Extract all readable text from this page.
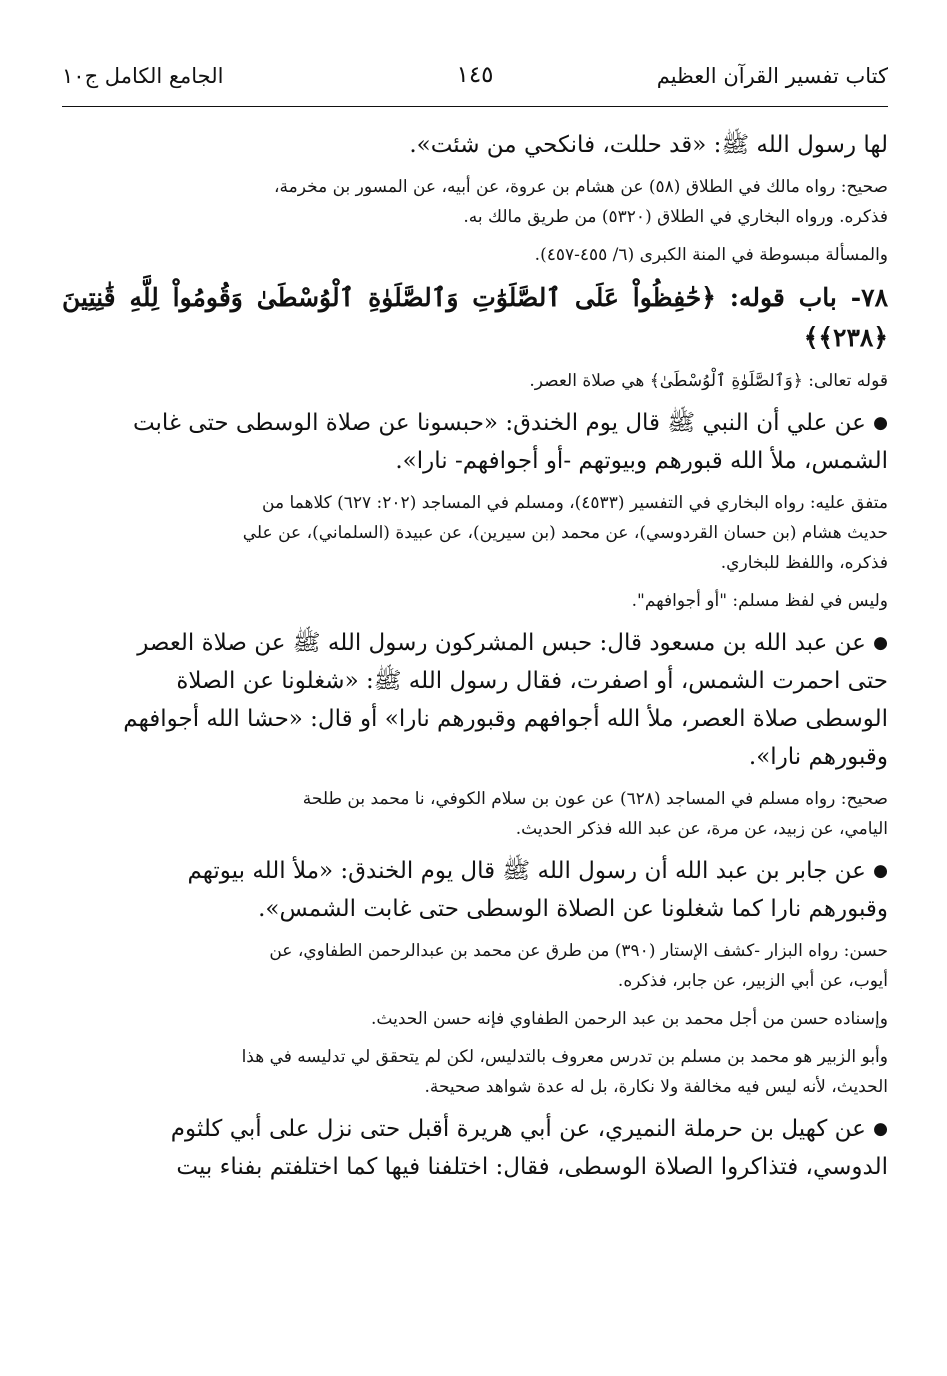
كتاب تفسير القرآن العظيم
١٤٥
الجامع الكامل ج١٠

لها رسول الله ﷺ: «قد حللت، فانكحي من شئت».

صحيح: رواه مالك في الطلاق (٥٨) عن هشام بن عروة، عن أبيه، عن المسور بن مخرمة،
فذكره. ورواه البخاري في الطلاق (٥٣٢٠) من طريق مالك به.

والمسألة مبسوطة في المنة الكبرى (٦/ ٤٥٥-٤٥٧).

٧٨- باب قوله: ﴿حَٰفِظُواْ عَلَى ٱلصَّلَوَٰتِ وَٱلصَّلَوٰةِ ٱلْوُسْطَىٰ وَقُومُواْ لِلَّهِ قَٰنِتِينَ ﴿٢٣٨﴾﴾

قوله تعالى: ﴿وَٱلصَّلَوٰةِ ٱلْوُسْطَىٰ﴾ هي صلاة العصر.

● عن علي أن النبي ﷺ قال يوم الخندق: «حبسونا عن صلاة الوسطى حتى غابت
الشمس، ملأ الله قبورهم وبيوتهم -أو أجوافهم- نارا».

متفق عليه: رواه البخاري في التفسير (٤٥٣٣)، ومسلم في المساجد (٢٠٢: ٦٢٧) كلاهما من
حديث هشام (بن حسان القردوسي)، عن محمد (بن سيرين)، عن عبيدة (السلماني)، عن علي
فذكره، واللفظ للبخاري.

وليس في لفظ مسلم: "أو أجوافهم".

● عن عبد الله بن مسعود قال: حبس المشركون رسول الله ﷺ عن صلاة العصر
حتى احمرت الشمس، أو اصفرت، فقال رسول الله ﷺ: «شغلونا عن الصلاة
الوسطى صلاة العصر، ملأ الله أجوافهم وقبورهم نارا» أو قال: «حشا الله أجوافهم
وقبورهم نارا».

صحيح: رواه مسلم في المساجد (٦٢٨) عن عون بن سلام الكوفي، نا محمد بن طلحة
اليامي، عن زبيد، عن مرة، عن عبد الله فذكر الحديث.

● عن جابر بن عبد الله أن رسول الله ﷺ قال يوم الخندق: «ملأ الله بيوتهم
وقبورهم نارا كما شغلونا عن الصلاة الوسطى حتى غابت الشمس».

حسن: رواه البزار -كشف الإستار (٣٩٠) من طرق عن محمد بن عبدالرحمن الطفاوي، عن
أيوب، عن أبي الزبير، عن جابر، فذكره.

وإسناده حسن من أجل محمد بن عبد الرحمن الطفاوي فإنه حسن الحديث.

وأبو الزبير هو محمد بن مسلم بن تدرس معروف بالتدليس، لكن لم يتحقق لي تدليسه في هذا
الحديث، لأنه ليس فيه مخالفة ولا نكارة، بل له عدة شواهد صحيحة.

● عن كهيل بن حرملة النميري، عن أبي هريرة أقبل حتى نزل على أبي كلثوم
الدوسي، فتذاكروا الصلاة الوسطى، فقال: اختلفنا فيها كما اختلفتم بفناء بيت
